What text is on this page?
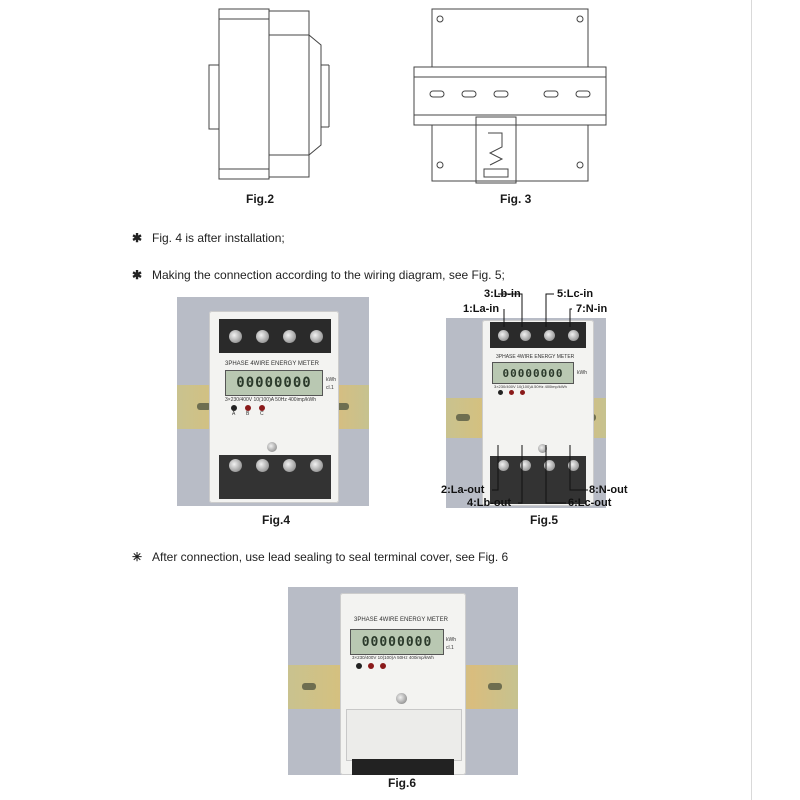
Fig.2	Fig. 3
✱ Fig. 4 is after installation;
✱ Making the connection according to the wiring diagram, see Fig. 5;
3PHASE 4WIRE ENERGY METER
00000000	kWh
cl.1
3×230/400V 10(100)A 50Hz 400imp/kWh
A B C
Fig.4
3PHASE 4WIRE ENERGY METER
00000000	kWh
3×230/400V 10(100)A 50Hz 400imp/kWh
1:La-in
3:Lb-in	5:Lc-in
7:N-in
2:La-out
4:Lb-out	6:Lc-out
8:N-out
Fig.5
✳ After connection, use lead sealing to seal terminal cover, see Fig. 6
3PHASE 4WIRE ENERGY METER
00000000	kWh
cl.1
3×230/400V 10(100)A 50Hz 400imp/kWh
Fig.6
